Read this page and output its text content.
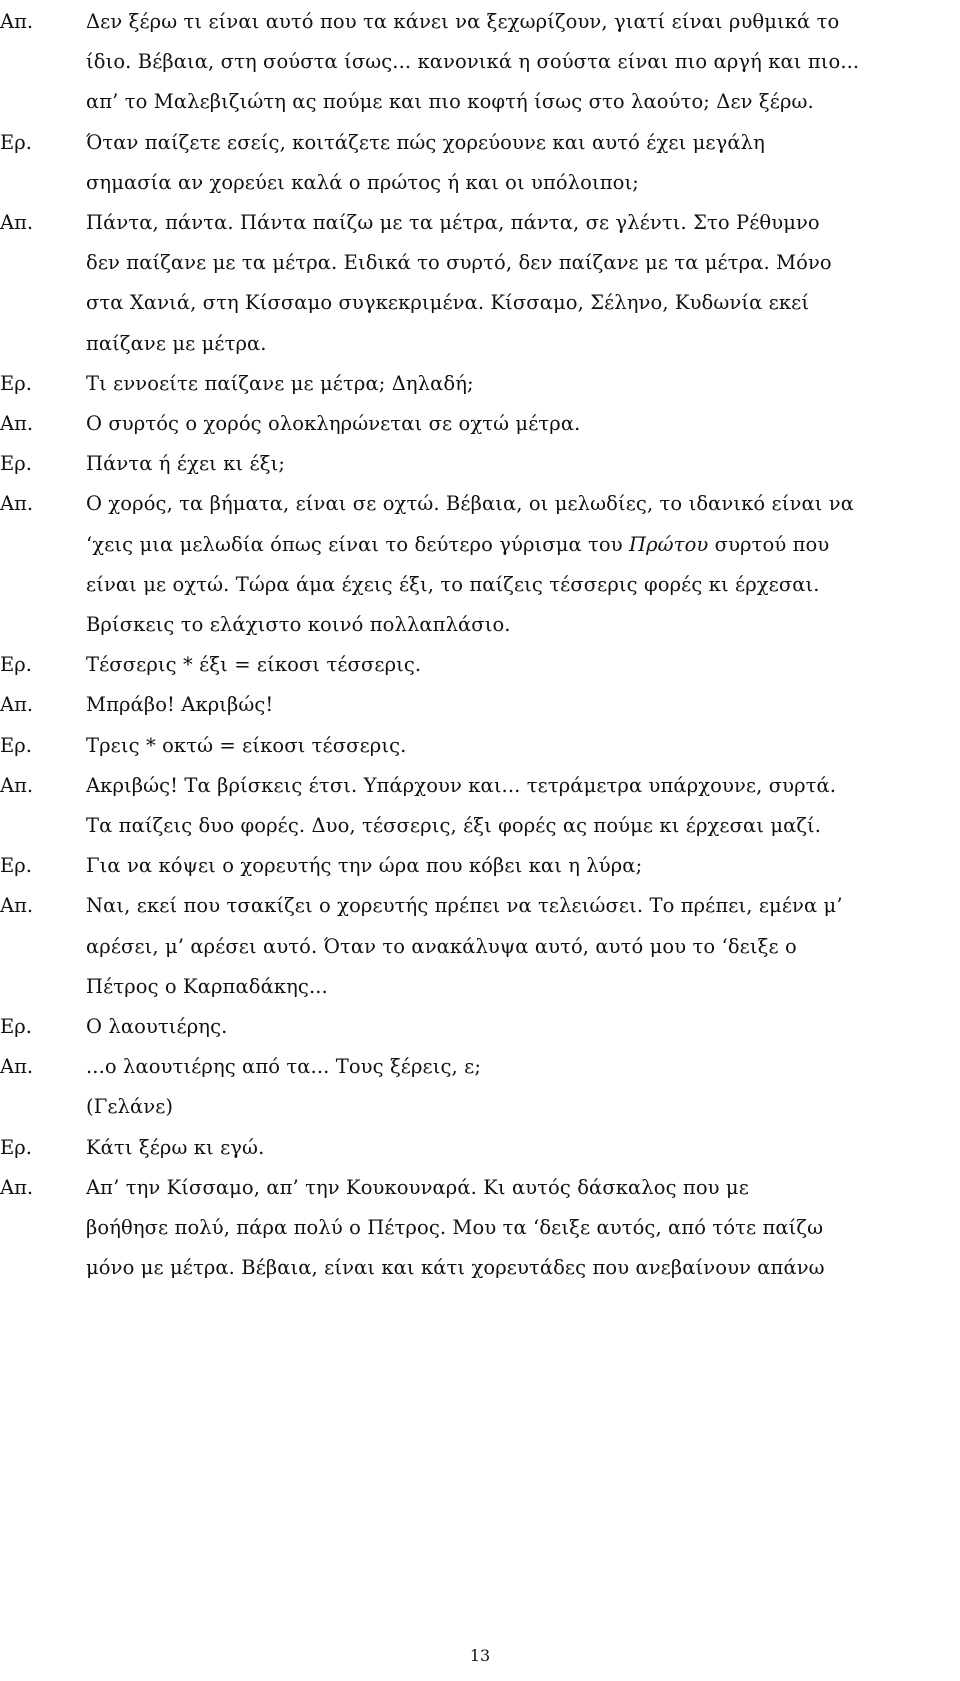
Απ.	Δεν ξέρω τι είναι αυτό που τα κάνει να ξεχωρίζουν, γιατί είναι ρυθμικά το
ίδιο. Βέβαια, στη σούστα ίσως... κανονικά η σούστα είναι πιο αργή και πιο...
απ’ το Μαλεβιζιώτη ας πούμε και πιο κοφτή ίσως στο λαούτο; Δεν ξέρω.
Ερ.	Όταν παίζετε εσείς, κοιτάζετε πώς χορεύουνε και αυτό έχει μεγάλη
σημασία αν χορεύει καλά ο πρώτος ή και οι υπόλοιποι;
Απ.	Πάντα, πάντα. Πάντα παίζω με τα μέτρα, πάντα, σε γλέντι. Στο Ρέθυμνο
δεν παίζανε με τα μέτρα. Ειδικά το συρτό, δεν παίζανε με τα μέτρα. Μόνο
στα Χανιά, στη Κίσσαμο συγκεκριμένα. Κίσσαμο, Σέληνο, Κυδωνία εκεί
παίζανε με μέτρα.
Ερ.	Τι εννοείτε παίζανε με μέτρα; Δηλαδή;
Απ.	Ο συρτός ο χορός ολοκληρώνεται σε οχτώ μέτρα.
Ερ.	Πάντα ή έχει κι έξι;
Απ.	Ο χορός, τα βήματα, είναι σε οχτώ. Βέβαια, οι μελωδίες, το ιδανικό είναι να
‘χεις μια μελωδία όπως είναι το δεύτερο γύρισμα του Πρώτου συρτού που
είναι με οχτώ. Τώρα άμα έχεις έξι, το παίζεις τέσσερις φορές κι έρχεσαι.
Βρίσκεις το ελάχιστο κοινό πολλαπλάσιο.
Ερ.	Τέσσερις * έξι = είκοσι τέσσερις.
Απ.	Μπράβο! Ακριβώς!
Ερ.	Τρεις * οκτώ = είκοσι τέσσερις.
Απ.	Ακριβώς! Τα βρίσκεις έτσι. Υπάρχουν και... τετράμετρα υπάρχουνε, συρτά.
Τα παίζεις δυο φορές. Δυο, τέσσερις, έξι φορές ας πούμε κι έρχεσαι μαζί.
Ερ.	Για να κόψει ο χορευτής την ώρα που κόβει και η λύρα;
Απ.	Ναι, εκεί που τσακίζει ο χορευτής πρέπει να τελειώσει. Το πρέπει, εμένα μ’
αρέσει, μ’ αρέσει αυτό. Όταν το ανακάλυψα αυτό, αυτό μου το ‘δειξε ο
Πέτρος ο Καρπαδάκης...
Ερ.	Ο λαουτιέρης.
Απ.	...ο λαουτιέρης από τα... Τους ξέρεις, ε;
(Γελάνε)
Ερ.	Κάτι ξέρω κι εγώ.
Απ.	Απ’ την Κίσσαμο, απ’ την Κουκουναρά. Κι αυτός δάσκαλος που με
βοήθησε πολύ, πάρα πολύ ο Πέτρος. Μου τα ‘δειξε αυτός, από τότε παίζω
μόνο με μέτρα. Βέβαια, είναι και κάτι χορευτάδες που ανεβαίνουν απάνω
13
